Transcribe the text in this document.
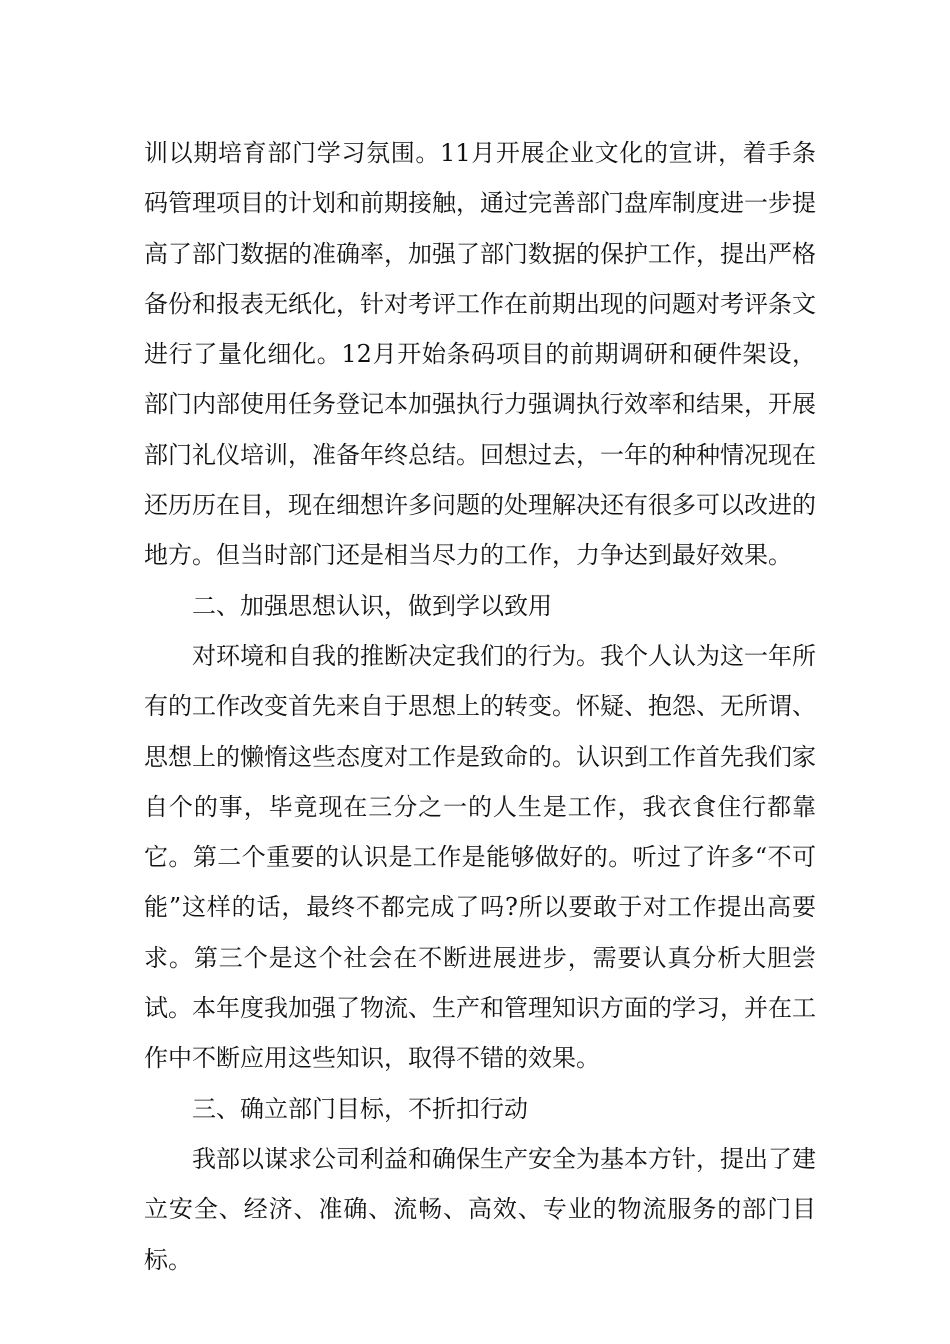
训以期培育部门学习氛围。11月开展企业文化的宣讲，着手条码管理项目的计划和前期接触，通过完善部门盘库制度进一步提高了部门数据的准确率，加强了部门数据的保护工作，提出严格备份和报表无纸化，针对考评工作在前期出现的问题对考评条文进行了量化细化。12月开始条码项目的前期调研和硬件架设，部门内部使用任务登记本加强执行力强调执行效率和结果，开展部门礼仪培训，准备年终总结。回想过去，一年的种种情况现在还历历在目，现在细想许多问题的处理解决还有很多可以改进的地方。但当时部门还是相当尽力的工作，力争达到最好效果。

二、加强思想认识，做到学以致用

对环境和自我的推断决定我们的行为。我个人认为这一年所有的工作改变首先来自于思想上的转变。怀疑、抱怨、无所谓、思想上的懒惰这些态度对工作是致命的。认识到工作首先我们家自个的事，毕竟现在三分之一的人生是工作，我衣食住行都靠它。第二个重要的认识是工作是能够做好的。听过了许多“不可能”这样的话，最终不都完成了吗?所以要敢于对工作提出高要求。第三个是这个社会在不断进展进步，需要认真分析大胆尝试。本年度我加强了物流、生产和管理知识方面的学习，并在工作中不断应用这些知识，取得不错的效果。

三、确立部门目标，不折扣行动

我部以谋求公司利益和确保生产安全为基本方针，提出了建立安全、经济、准确、流畅、高效、专业的物流服务的部门目标。
